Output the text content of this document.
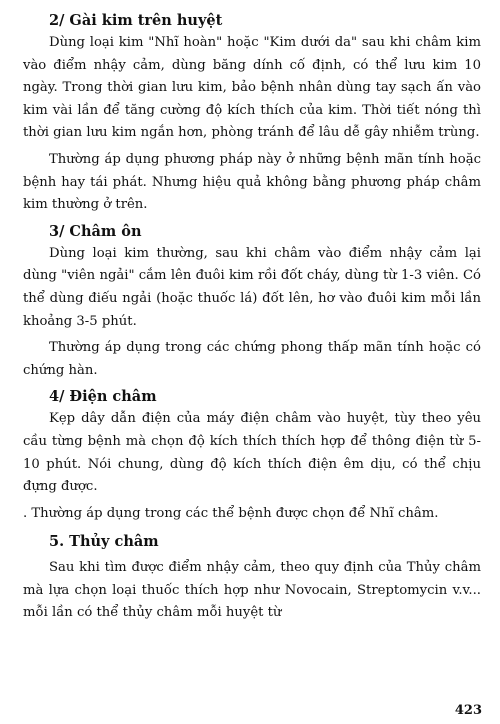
2/ Gài kim trên huyệt

Dùng loại kim "Nhĩ hoàn" hoặc "Kim dưới da" sau khi châm kim vào điểm nhậy cảm, dùng băng dính cố định, có thể lưu kim 10 ngày. Trong thời gian lưu kim, bảo bệnh nhân dùng tay sạch ấn vào kim vài lần để tăng cường độ kích thích của kim. Thời tiết nóng thì thời gian lưu kim ngắn hơn, phòng tránh để lâu dễ gây nhiễm trùng.

Thường áp dụng phương pháp này ở những bệnh mãn tính hoặc bệnh hay tái phát. Nhưng hiệu quả không bằng phương pháp châm kim thường ở trên.

3/ Châm ôn

Dùng loại kim thường, sau khi châm vào điểm nhậy cảm lại dùng "viên ngải" cắm lên đuôi kim rồi đốt cháy, dùng từ 1-3 viên. Có thể dùng điếu ngải (hoặc thuốc lá) đốt lên, hơ vào đuôi kim mỗi lần khoảng 3-5 phút.

Thường áp dụng trong các chứng phong thấp mãn tính hoặc có chứng hàn.

4/ Điện châm

Kẹp dây dẫn điện của máy điện châm vào huyệt, tùy theo yêu cầu từng bệnh mà chọn độ kích thích thích hợp để thông điện từ 5-10 phút. Nói chung, dùng độ kích thích điện êm dịu, có thể chịu đựng được.

. Thường áp dụng trong các thể bệnh được chọn để Nhĩ châm.

5. Thủy châm

Sau khi tìm được điểm nhậy cảm, theo quy định của Thủy châm mà lựa chọn loại thuốc thích hợp như Novocain, Streptomycin v.v... mỗi lần có thể thủy châm mỗi huyệt từ

423
